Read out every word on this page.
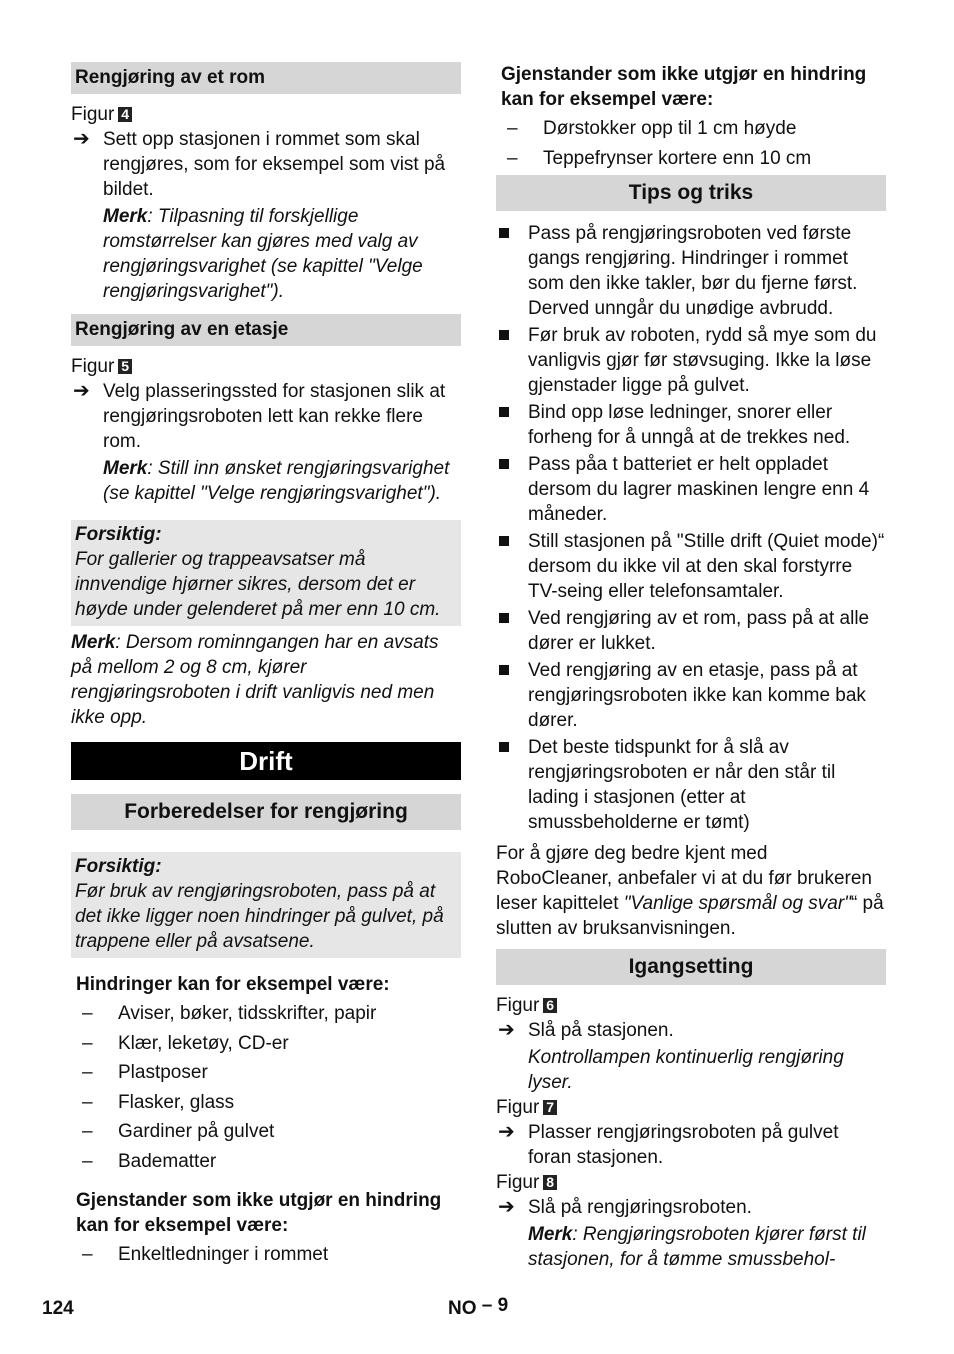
Rengjøring av et rom

Figur 4

➔ Sett opp stasjonen i rommet som skal rengjøres, som for eksempel som vist på bildet.

Merk: Tilpasning til forskjellige romstørrelser kan gjøres med valg av rengjøringsvarighet (se kapittel "Velge rengjøringsvarighet").

Rengjøring av en etasje

Figur 5

➔ Velg plasseringssted for stasjonen slik at rengjøringsroboten lett kan rekke flere rom.

Merk: Still inn ønsket rengjøringsvarighet (se kapittel "Velge rengjøringsvarighet").

Forsiktig:
For gallerier og trappeavsatser må innvendige hjørner sikres, dersom det er høyde under gelenderet på mer enn 10 cm.

Merk: Dersom rominngangen har en avsats på mellom 2 og 8 cm, kjører rengjøringsroboten i drift vanligvis ned men ikke opp.

Drift
Forberedelser for rengjøring
Forsiktig:
Før bruk av rengjøringsroboten, pass på at det ikke ligger noen hindringer på gulvet, på trappene eller på avsatsene.
Hindringer kan for eksempel være:

– Aviser, bøker, tidsskrifter, papir

– Klær, leketøy, CD-er

– Plastposer

– Flasker, glass

– Gardiner på gulvet

– Badematter

Gjenstander som ikke utgjør en hindring kan for eksempel være:

– Enkeltledninger i rommet

Gjenstander som ikke utgjør en hindring kan for eksempel være:

– Dørstokker opp til 1 cm høyde

– Teppefrynser kortere enn 10 cm

Tips og triks

Pass på rengjøringsroboten ved første gangs rengjøring. Hindringer i rommet som den ikke takler, bør du fjerne først. Derved unngår du unødige avbrudd.

Før bruk av roboten, rydd så mye som du vanligvis gjør før støvsuging. Ikke la løse gjenstader ligge på gulvet.

Bind opp løse ledninger, snorer eller forheng for å unngå at de trekkes ned.

Pass påa t batteriet er helt oppladet dersom du lagrer maskinen lengre enn 4 måneder.

Still stasjonen på "Stille drift (Quiet mode)“ dersom du ikke vil at den skal forstyrre TV-seing eller telefonsamtaler.

Ved rengjøring av et rom, pass på at alle dører er lukket.

Ved rengjøring av en etasje, pass på at rengjøringsroboten ikke kan komme bak dører.

Det beste tidspunkt for å slå av rengjøringsroboten er når den står til lading i stasjonen (etter at smussbeholderne er tømt)

For å gjøre deg bedre kjent med RoboCleaner, anbefaler vi at du før brukeren leser kapittelet "Vanlige spørsmål og svar"“ på slutten av bruksanvisningen.

Igangsetting

Figur 6

➔ Slå på stasjonen.

Kontrollampen kontinuerlig rengjøring lyser.

Figur 7

➔ Plasser rengjøringsroboten på gulvet foran stasjonen.

Figur 8

➔ Slå på rengjøringsroboten.

Merk: Rengjøringsroboten kjører først til stasjonen, for å tømme smussbehol-

124	NO – 9
